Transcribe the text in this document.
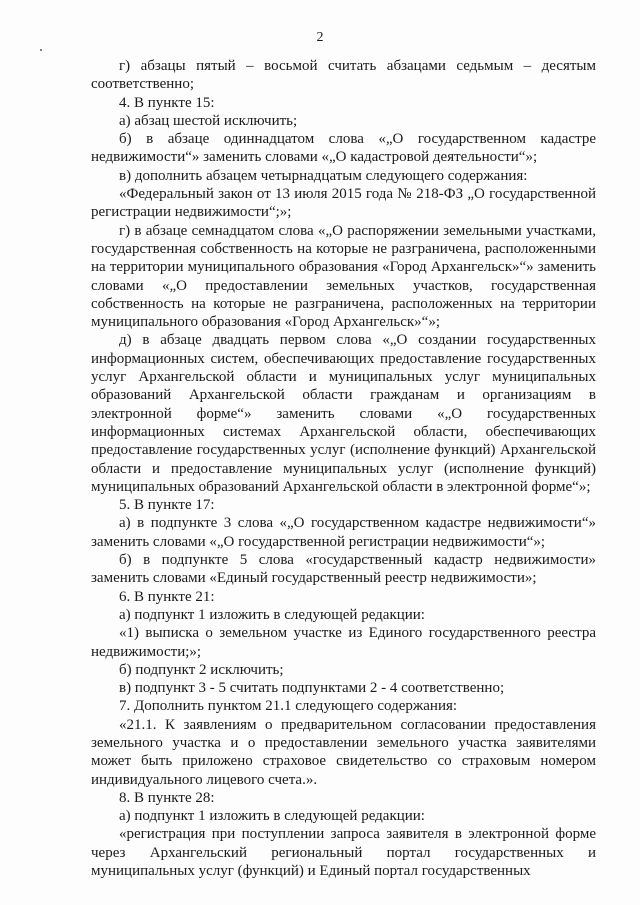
2

г) абзацы пятый – восьмой считать абзацами седьмым – десятым соответственно;

4. В пункте 15:

а) абзац шестой исключить;

б) в абзаце одиннадцатом слова «„О государственном кадастре недвижимости“» заменить словами «„О кадастровой деятельности“»;

в) дополнить абзацем четырнадцатым следующего содержания:

«Федеральный закон от 13 июля 2015 года № 218-ФЗ „О государственной регистрации недвижимости“;»;

г) в абзаце семнадцатом слова «„О распоряжении земельными участками, государственная собственность на которые не разграничена, расположенными на территории муниципального образования «Город Архангельск»“» заменить словами «„О предоставлении земельных участков, государственная собственность на которые не разграничена, расположенных на территории муниципального образования «Город Архангельск»“»;

д) в абзаце двадцать первом слова «„О создании государственных информационных систем, обеспечивающих предоставление государственных услуг Архангельской области и муниципальных услуг муниципальных образований Архангельской области гражданам и организациям в электронной форме“» заменить словами «„О государственных информационных системах Архангельской области, обеспечивающих предоставление государственных услуг (исполнение функций) Архангельской области и предоставление муниципальных услуг (исполнение функций) муниципальных образований Архангельской области в электронной форме“»;

5. В пункте 17:

а) в подпункте 3 слова «„О государственном кадастре недвижимости“» заменить словами «„О государственной регистрации недвижимости“»;

б) в подпункте 5 слова «государственный кадастр недвижимости» заменить словами «Единый государственный реестр недвижимости»;

6. В пункте 21:

а) подпункт 1 изложить в следующей редакции:

«1) выписка о земельном участке из Единого государственного реестра недвижимости;»;

б) подпункт 2 исключить;

в) подпункт 3 - 5 считать подпунктами 2 - 4 соответственно;

7. Дополнить пунктом 21.1 следующего содержания:

«21.1. К заявлениям о предварительном согласовании предоставления земельного участка и о предоставлении земельного участка заявителями может быть приложено страховое свидетельство со страховым номером индивидуального лицевого счета.».

8. В пункте 28:

а) подпункт 1 изложить в следующей редакции:

«регистрация при поступлении запроса заявителя в электронной форме через Архангельский региональный портал государственных и муниципальных услуг (функций) и Единый портал государственных
